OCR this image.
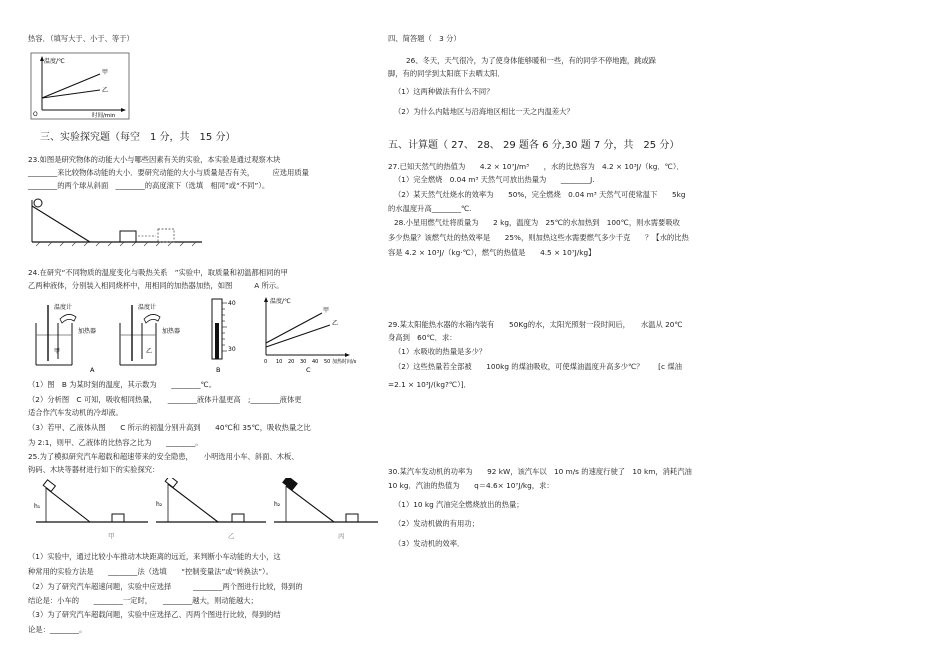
热容．（填写大于、小于、等于）
温度/℃
甲
乙
O	时间/min
三、实验探究题（每空　1 分，共　15 分）
23.如图是研究物体的动能大小与哪些因素有关的实验，本实验是通过观察木块
________来比较物体动能的大小．要研究动能的大小与质量是否有关，　　　应选用质量
________的两个球从斜面　________的高度滚下（选填　相同”或“不同”）。
24.在研究“不同物质的温度变化与吸热关系　”实验中，取质量和初温都相同的甲
乙两种液体，分别装入相同烧杯中，用相同的加热器加热，如图　　　A 所示。
温度计
加热器
甲
温度计
加热器
乙
40
30
温度/℃
甲
乙
0 10 20 30 40 50 加热时间/s
A	B	C
（1）图　B 为某时刻的温度，其示数为　　________℃。
（2）分析图　C 可知，吸收相同热量，　　________液体升温更高　;________液体更
适合作汽车发动机的冷却液。
（3）若甲、乙液体从图　　C 所示的初温分别升高到　　40℃和 35℃，吸收热量之比
为 2:1，则甲、乙液体的比热容之比为　　________。
25.为了模拟研究汽车超载和超速带来的安全隐患，　　小明选用小车、斜面、木板、
钩码、木块等器材进行如下的实验探究：
h₁	h₂	h₂
甲	乙	丙
（1）实验中，通过比较小车推动木块距离的远近，来判断小车动能的大小，这
种常用的实验方法是　　________法（选填　　“控制变量法”或“转换法”）。
（2）为了研究汽车超速问题，实验中应选择　　　________两个图进行比较，得到的
结论是：小车的　　________一定时，　　________越大，则动能越大；
（3）为了研究汽车超载问题，实验中应选择乙、丙两个图进行比较，得到的结
论是：________。
四、简答题（　3 分）
26、冬天，天气很冷，为了使身体能够暖和一些，有的同学不停地跑，跳或跺
脚，有的同学到太阳底下去晒太阳．
（1）这两种做法有什么不同？
（2）为什么内陆地区与沿海地区相比一天之内温差大？
五、计算题（ 27、 28、 29 题各 6 分,30 题 7 分，共　25 分）
27.已知天然气的热值为　　4.2 × 10⁷J/m³　　，水的比热容为　4.2 × 10³J/（kg．℃）．
（1）完全燃烧　0.04 m³ 天然气可放出热量为　　________J.
（2）某天然气灶烧水的效率为　　50%，完全燃烧　0.04 m³ 天然气可使常温下　　5kg
的水温度升高________℃.
28.小星用燃气灶将质量为　　2 kg，温度为　25℃的水加热到　100℃，则水需要吸收
多少热量？该燃气灶的热效率是　　25%，则加热这些水需要燃气多少千克　　？【水的比热
容是 4.2 × 10³J/（kg·℃），燃气的热值是　　4.5 × 10⁷J/kg】
29.某太阳能热水器的水箱内装有　　50Kg的水，太阳光照射一段时间后，　　水温从 20℃
身高到　60℃．求：
（1）水吸收的热量是多少？
（2）这些热量若全部被　　100kg 的煤油吸收，可使煤油温度升高多少℃？　　[c 煤油
=2.1 × 10³J/(kg?℃）]．
30.某汽车发动机的功率为　　92 kW，该汽车以　10 m/s 的速度行驶了　10 km，消耗汽油
10 kg．汽油的热值为　　q＝4.6× 10⁷J/kg，求：
（1）10 kg 汽油完全燃烧放出的热量；
（2）发动机做的有用功；
（3）发动机的效率．
